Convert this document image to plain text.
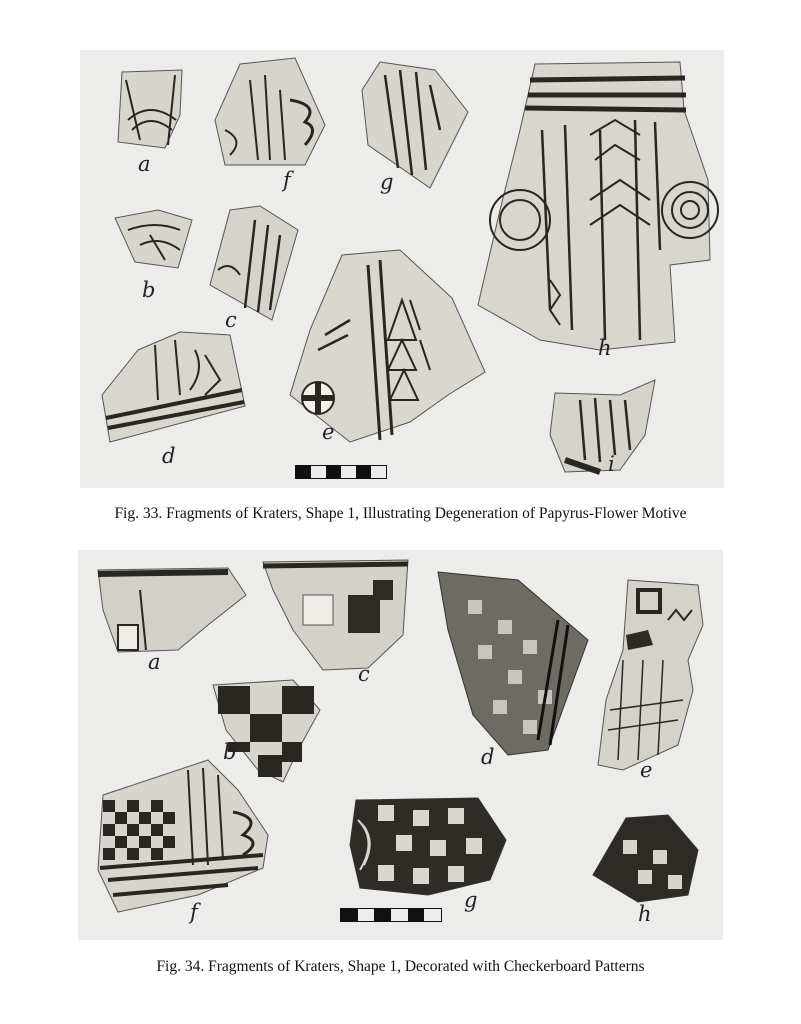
a
b
c
d
e
f	g
h
i
Fig. 33. Fragments of Kraters, Shape 1, Illustrating Degeneration of Papyrus-Flower Motive
a
b
c
d
e
f	g
h
Fig. 34. Fragments of Kraters, Shape 1, Decorated with Checkerboard Patterns
